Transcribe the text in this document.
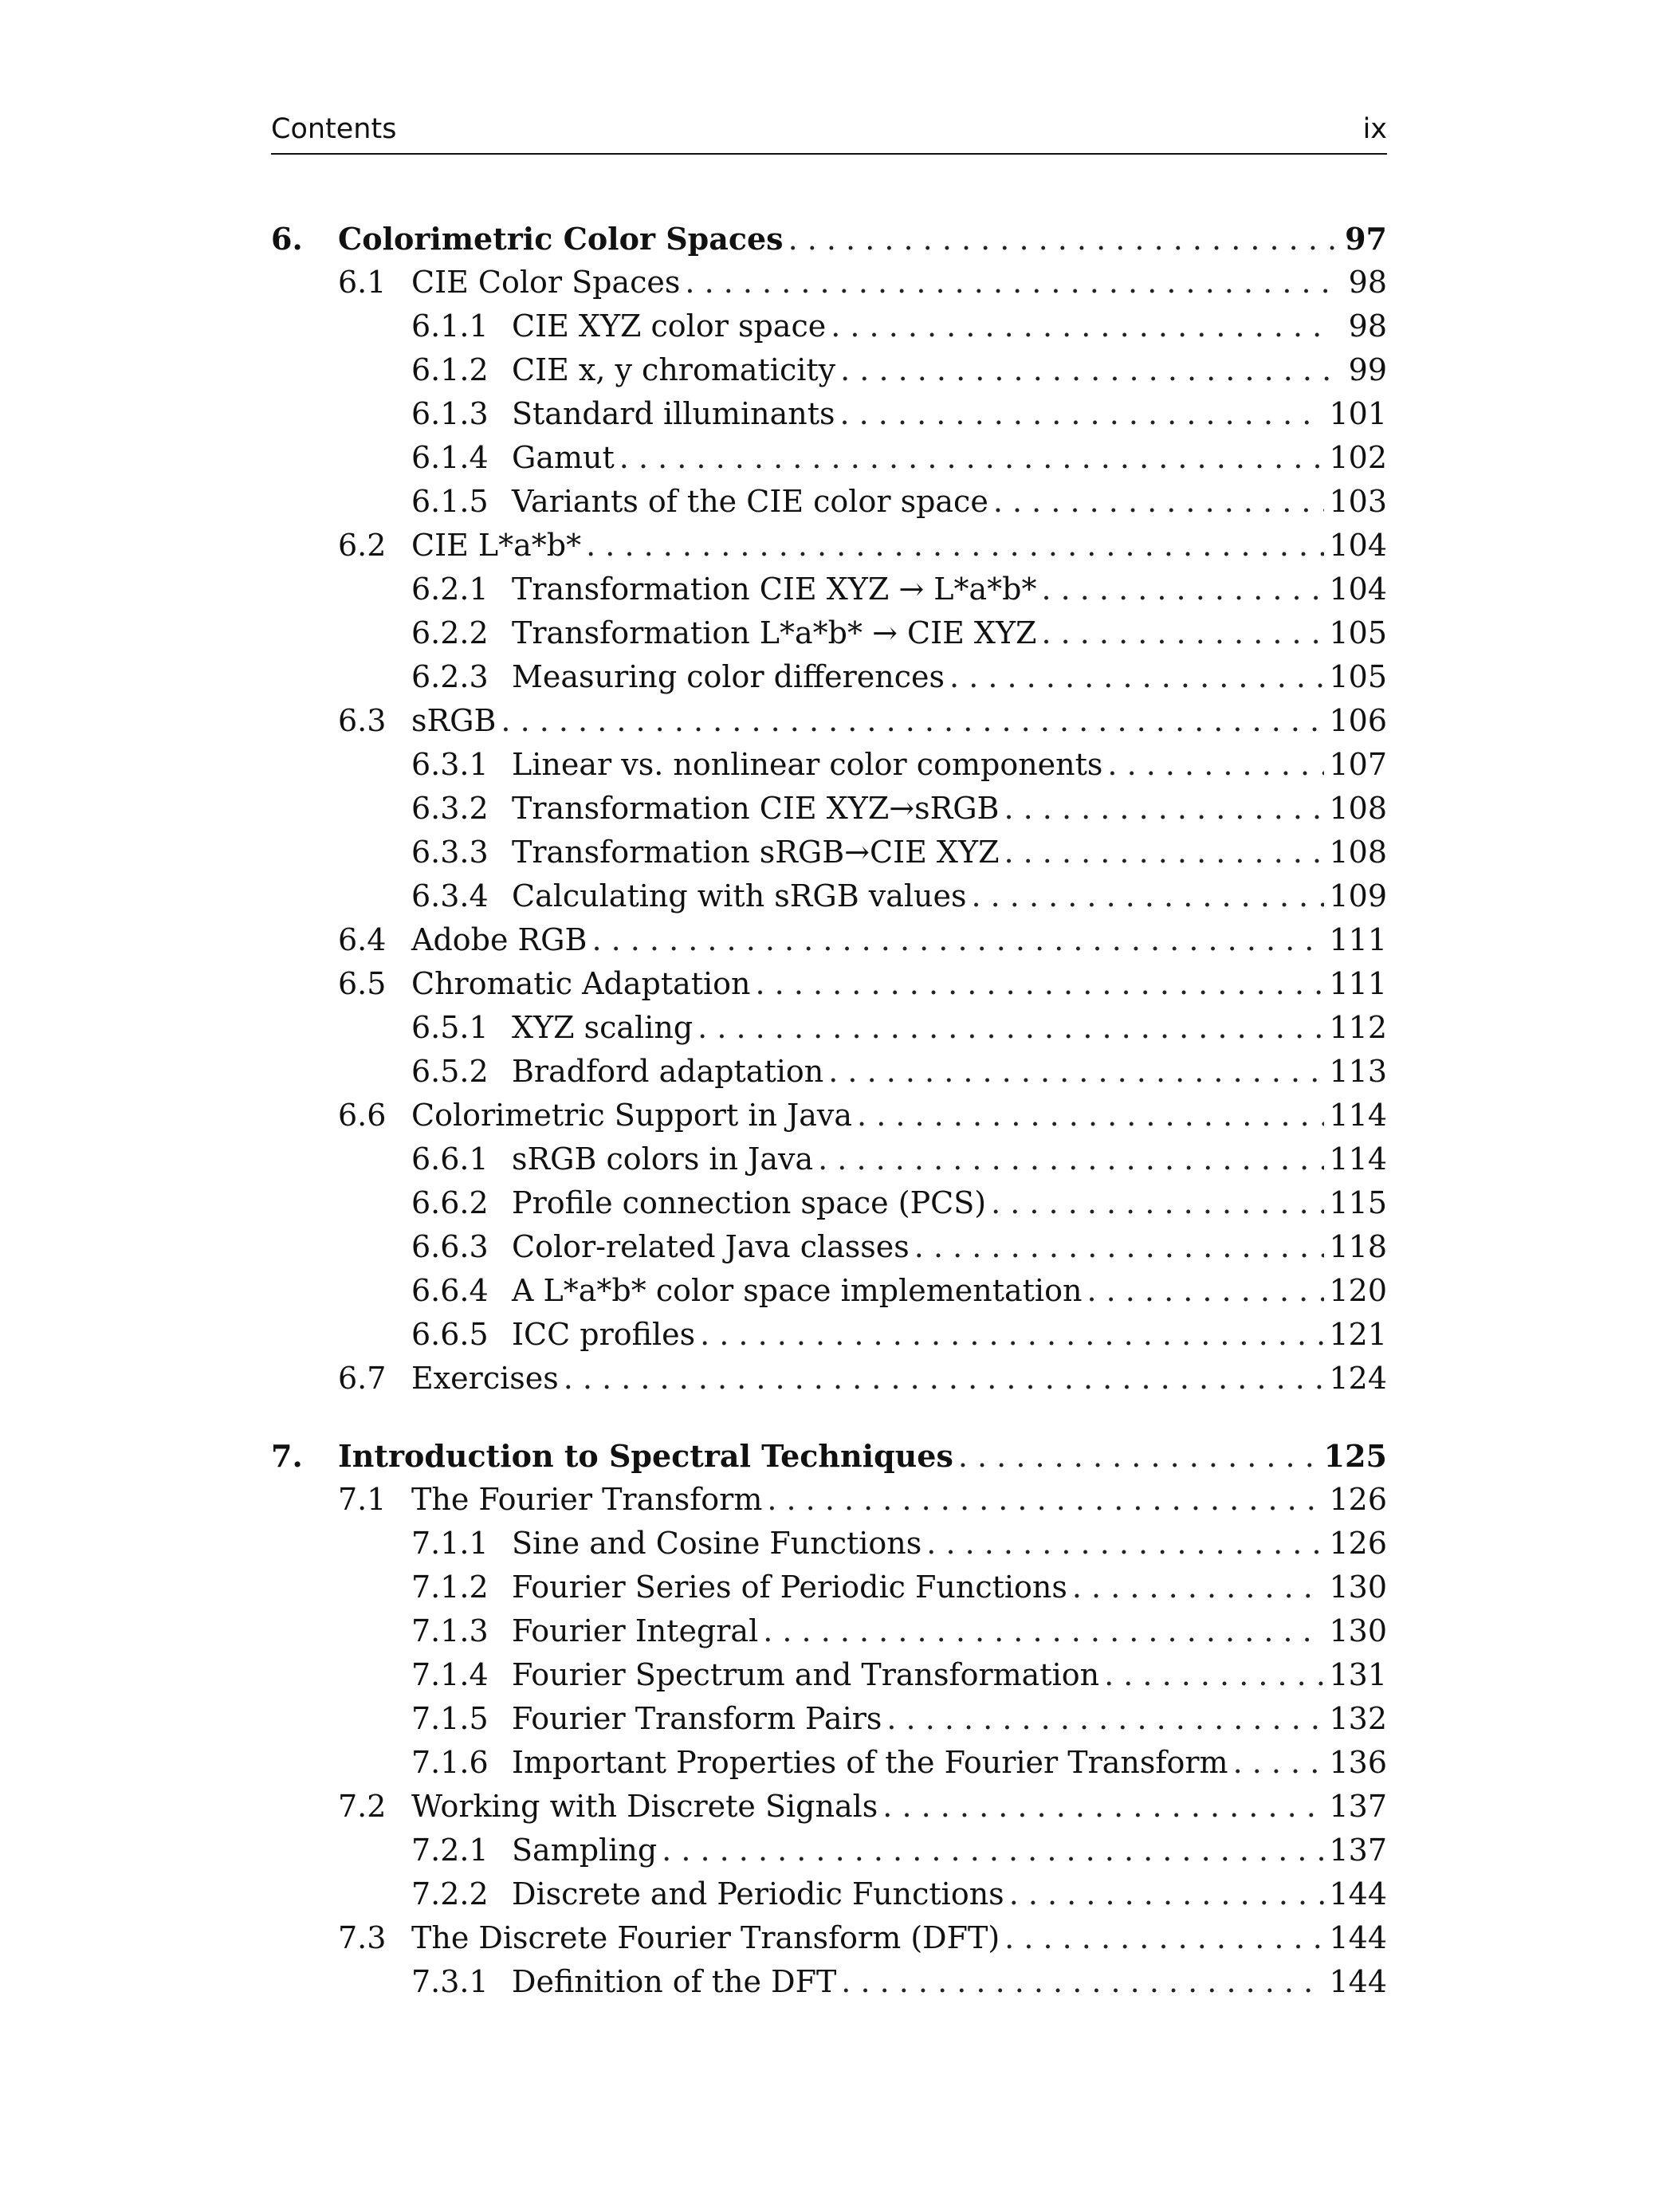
Contents	ix
6.	Colorimetric Color Spaces . . .	97
6.1 CIE Color Spaces . . .	98
6.1.1 CIE XYZ color space . . .	98
6.1.2 CIE x, y chromaticity . . .	99
6.1.3 Standard illuminants . . .	101
6.1.4 Gamut . . .	102
6.1.5 Variants of the CIE color space . . .	103
6.2 CIE L*a*b* . . .	104
6.2.1 Transformation CIE XYZ → L*a*b* . . .	104
6.2.2 Transformation L*a*b* → CIE XYZ . . .	105
6.2.3 Measuring color differences . . .	105
6.3 sRGB . . .	106
6.3.1 Linear vs. nonlinear color components . . .	107
6.3.2 Transformation CIE XYZ→sRGB . . .	108
6.3.3 Transformation sRGB→CIE XYZ . . .	108
6.3.4 Calculating with sRGB values . . .	109
6.4 Adobe RGB . . .	111
6.5 Chromatic Adaptation . . .	111
6.5.1 XYZ scaling . . .	112
6.5.2 Bradford adaptation . . .	113
6.6 Colorimetric Support in Java . . .	114
6.6.1 sRGB colors in Java . . .	114
6.6.2 Profile connection space (PCS) . . .	115
6.6.3 Color-related Java classes . . .	118
6.6.4 A L*a*b* color space implementation . . .	120
6.6.5 ICC profiles . . .	121
6.7 Exercises . . .	124
7.	Introduction to Spectral Techniques . . .	125
7.1 The Fourier Transform . . .	126
7.1.1 Sine and Cosine Functions . . .	126
7.1.2 Fourier Series of Periodic Functions . . .	130
7.1.3 Fourier Integral . . .	130
7.1.4 Fourier Spectrum and Transformation . . .	131
7.1.5 Fourier Transform Pairs . . .	132
7.1.6 Important Properties of the Fourier Transform . . .	136
7.2 Working with Discrete Signals . . .	137
7.2.1 Sampling . . .	137
7.2.2 Discrete and Periodic Functions . . .	144
7.3 The Discrete Fourier Transform (DFT) . . .	144
7.3.1 Definition of the DFT . . .	144
